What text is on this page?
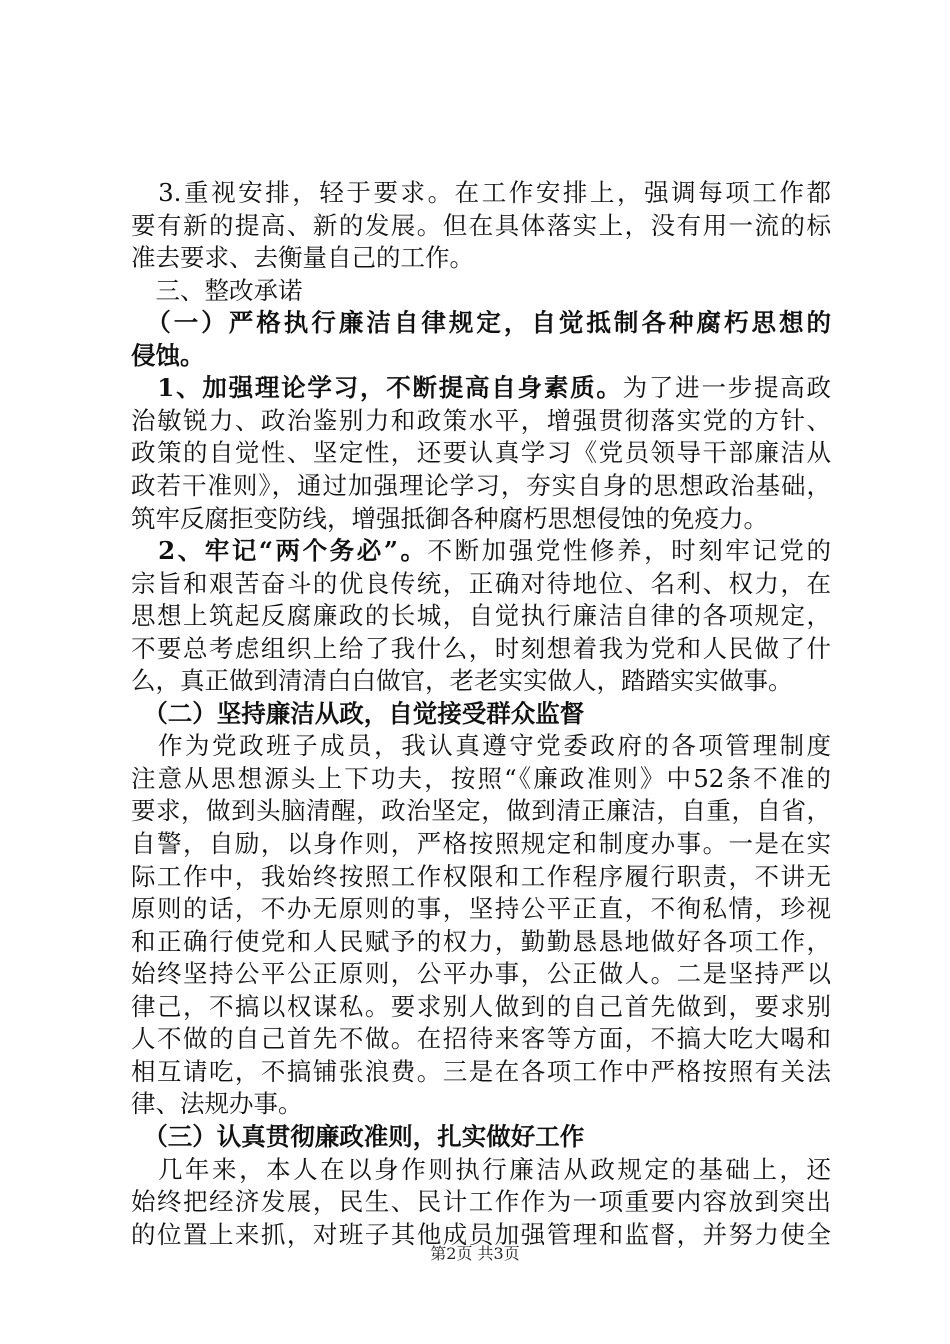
　3.重视安排，轻于要求。在工作安排上，强调每项工作都
要有新的提高、新的发展。但在具体落实上，没有用一流的标
准去要求、去衡量自己的工作。
　三、整改承诺
　（一）严格执行廉洁自律规定，自觉抵制各种腐朽思想的
侵蚀。
　1、加强理论学习，不断提高自身素质。为了进一步提高政
治敏锐力、政治鉴别力和政策水平，增强贯彻落实党的方针、
政策的自觉性、坚定性，还要认真学习《党员领导干部廉洁从
政若干准则》，通过加强理论学习，夯实自身的思想政治基础，
筑牢反腐拒变防线，增强抵御各种腐朽思想侵蚀的免疫力。
　2、牢记“两个务必”。不断加强党性修养，时刻牢记党的
宗旨和艰苦奋斗的优良传统，正确对待地位、名利、权力，在
思想上筑起反腐廉政的长城，自觉执行廉洁自律的各项规定，
不要总考虑组织上给了我什么，时刻想着我为党和人民做了什
么，真正做到清清白白做官，老老实实做人，踏踏实实做事。
　（二）坚持廉洁从政，自觉接受群众监督
　作为党政班子成员，我认真遵守党委政府的各项管理制度
注意从思想源头上下功夫，按照“《廉政准则》中52条不准的
要求，做到头脑清醒，政治坚定，做到清正廉洁，自重，自省，
自警，自励，以身作则，严格按照规定和制度办事。一是在实
际工作中，我始终按照工作权限和工作程序履行职责，不讲无
原则的话，不办无原则的事，坚持公平正直，不徇私情，珍视
和正确行使党和人民赋予的权力，勤勤恳恳地做好各项工作，
始终坚持公平公正原则，公平办事，公正做人。二是坚持严以
律己，不搞以权谋私。要求别人做到的自己首先做到，要求别
人不做的自己首先不做。在招待来客等方面，不搞大吃大喝和
相互请吃，不搞铺张浪费。三是在各项工作中严格按照有关法
律、法规办事。
　（三）认真贯彻廉政准则，扎实做好工作
　几年来，本人在以身作则执行廉洁从政规定的基础上，还
始终把经济发展，民生、民计工作作为一项重要内容放到突出
的位置上来抓，对班子其他成员加强管理和监督，并努力使全
第2页 共3页
